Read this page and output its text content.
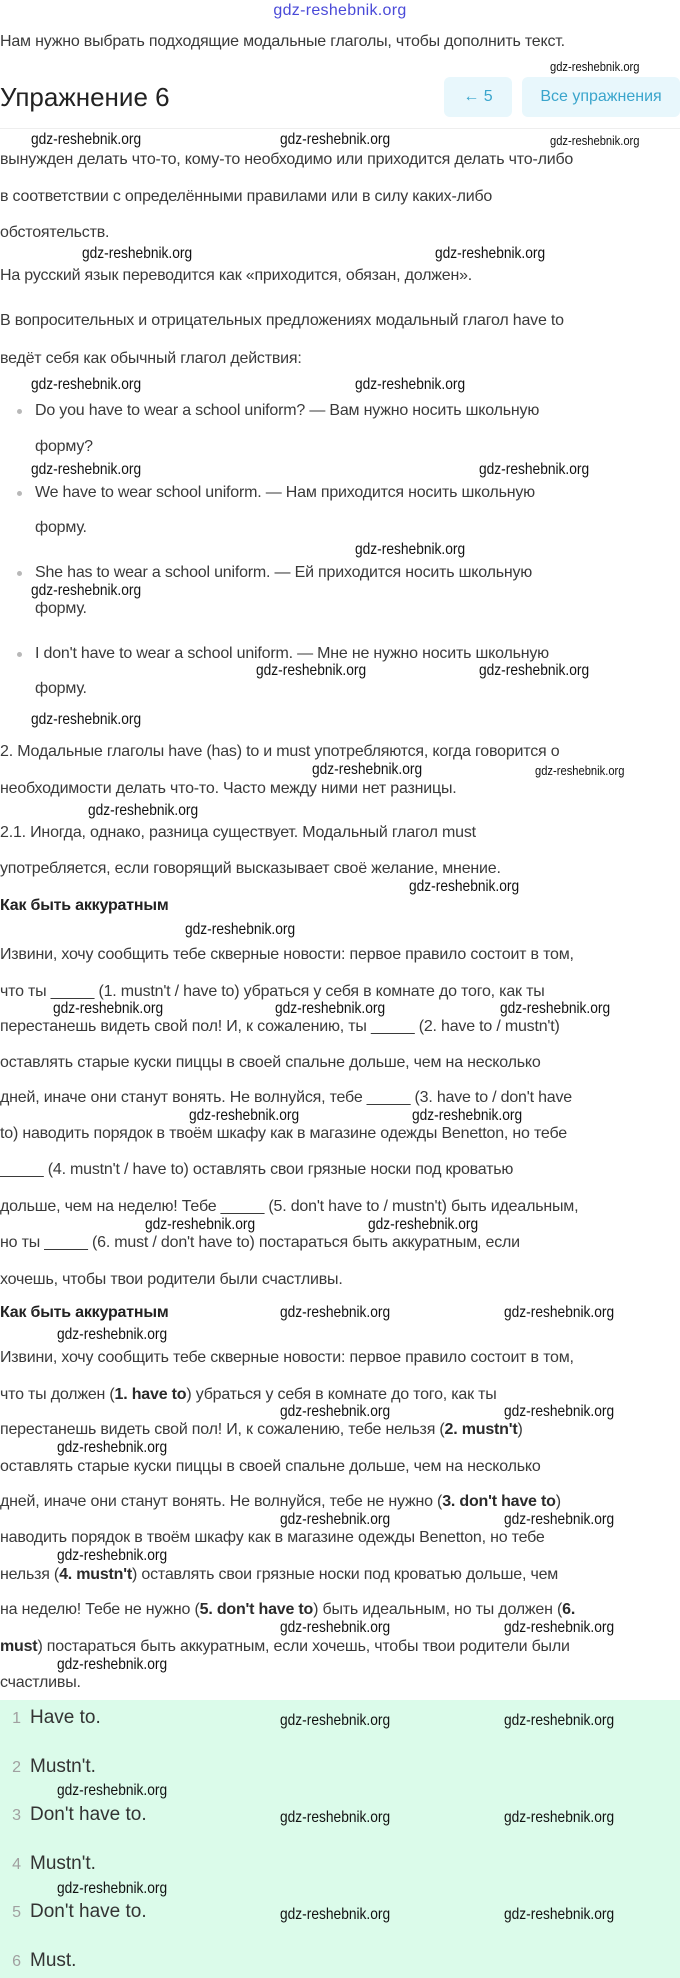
gdz-reshebnik.org
Нам нужно выбрать подходящие модальные глаголы, чтобы дополнить текст.
Упражнение 6	← 5	Все упражнения
вынужден делать что-то, кому-то необходимо или приходится делать что-либо
в соответствии с определёнными правилами или в силу каких-либо
обстоятельств.
На русский язык переводится как «приходится, обязан, должен».
В вопросительных и отрицательных предложениях модальный глагол have to
ведёт себя как обычный глагол действия:
Do you have to wear a school uniform? — Вам нужно носить школьную
форму?
We have to wear school uniform. — Нам приходится носить школьную
форму.
She has to wear a school uniform. — Ей приходится носить школьную
форму.
I don't have to wear a school uniform. — Мне не нужно носить школьную
форму.
2. Модальные глаголы have (has) to и must употребляются, когда говорится о
необходимости делать что-то. Часто между ними нет разницы.
2.1. Иногда, однако, разница существует. Модальный глагол must
употребляется, если говорящий высказывает своё желание, мнение.
Как быть аккуратным
Извини, хочу сообщить тебе скверные новости: первое правило состоит в том,
что ты _____ (1. mustn't / have to) убраться у себя в комнате до того, как ты
перестанешь видеть свой пол! И, к сожалению, ты _____ (2. have to / mustn't)
оставлять старые куски пиццы в своей спальне дольше, чем на несколько
дней, иначе они станут вонять. Не волнуйся, тебе _____ (3. have to / don't have
to) наводить порядок в твоём шкафу как в магазине одежды Benetton, но тебе
_____ (4. mustn't / have to) оставлять свои грязные носки под кроватью
дольше, чем на неделю! Тебе _____ (5. don't have to / mustn't) быть идеальным,
но ты _____ (6. must / don't have to) постараться быть аккуратным, если
хочешь, чтобы твои родители были счастливы.
Как быть аккуратным
Извини, хочу сообщить тебе скверные новости: первое правило состоит в том,
что ты должен (1. have to) убраться у себя в комнате до того, как ты
перестанешь видеть свой пол! И, к сожалению, тебе нельзя (2. mustn't)
оставлять старые куски пиццы в своей спальне дольше, чем на несколько
дней, иначе они станут вонять. Не волнуйся, тебе не нужно (3. don't have to)
наводить порядок в твоём шкафу как в магазине одежды Benetton, но тебе
нельзя (4. mustn't) оставлять свои грязные носки под кроватью дольше, чем
на неделю! Тебе не нужно (5. don't have to) быть идеальным, но ты должен (6.
must) постараться быть аккуратным, если хочешь, чтобы твои родители были
счастливы.
1 Have to.
2 Mustn't.
3 Don't have to.
4 Mustn't.
5 Don't have to.
6 Must.
gdz-reshebnik.org
gdz-reshebnik.org	gdz-reshebnik.org	gdz-reshebnik.org
gdz-reshebnik.org	gdz-reshebnik.org
gdz-reshebnik.org	gdz-reshebnik.org
gdz-reshebnik.org	gdz-reshebnik.org
gdz-reshebnik.org
gdz-reshebnik.org
gdz-reshebnik.org	gdz-reshebnik.org
gdz-reshebnik.org
gdz-reshebnik.org	gdz-reshebnik.org
gdz-reshebnik.org
gdz-reshebnik.org
gdz-reshebnik.org
gdz-reshebnik.org	gdz-reshebnik.org	gdz-reshebnik.org
gdz-reshebnik.org	gdz-reshebnik.org
gdz-reshebnik.org	gdz-reshebnik.org
gdz-reshebnik.org
gdz-reshebnik.org	gdz-reshebnik.org
gdz-reshebnik.org	gdz-reshebnik.org
gdz-reshebnik.org
gdz-reshebnik.org	gdz-reshebnik.org
gdz-reshebnik.org
gdz-reshebnik.org	gdz-reshebnik.org
gdz-reshebnik.org
gdz-reshebnik.org	gdz-reshebnik.org
gdz-reshebnik.org
gdz-reshebnik.org	gdz-reshebnik.org
gdz-reshebnik.org
gdz-reshebnik.org	gdz-reshebnik.org
